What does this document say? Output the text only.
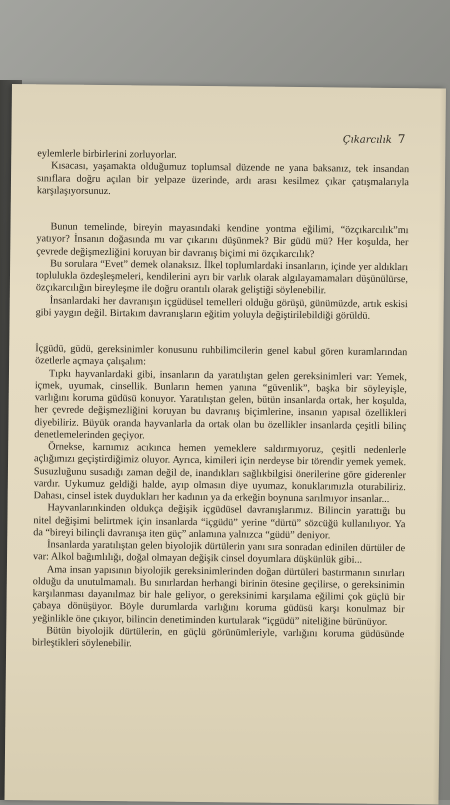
Çıkarcılık 7

eylemlerle birbirlerini zorluyorlar.

Kısacası, yaşamakta olduğumuz toplumsal düzende ne yana baksanız, tek insandan sınıflara doğru açılan bir yelpaze üzerinde, ardı arası kesilmez çıkar çatışmalarıyla karşılaşıyorsunuz.

Bunun temelinde, bireyin mayasındaki kendine yontma eğilimi, “özçıkarcılık”mı yatıyor? İnsanın doğasında mı var çıkarını düşünmek? Bir güdü mü? Her koşulda, her çevrede değişmezliğini koruyan bir davranış biçimi mi özçıkarcılık?

Bu sorulara “Evet” demek olanaksız. İlkel toplumlardaki insanların, içinde yer aldıkları toplulukla özdeşleşmeleri, kendilerini ayrı bir varlık olarak algılayamamaları düşünülürse, özçıkarcılığın bireyleşme ile doğru orantılı olarak geliştiği söylenebilir.

İnsanlardaki her davranışın içgüdüsel temelleri olduğu görüşü, günümüzde, artık eskisi gibi yaygın değil. Birtakım davranışların eğitim yoluyla değiştirilebildiği görüldü.

İçgüdü, güdü, gereksinimler konusunu ruhbilimcilerin genel kabul gören kuramlarından özetlerle açmaya çalışalım:

Tıpkı hayvanlardaki gibi, insanların da yaratılıştan gelen gereksinimleri var: Yemek, içmek, uyumak, cinsellik. Bunların hemen yanına “güvenlik”, başka bir söyleyişle, varlığını koruma güdüsü konuyor. Yaratılıştan gelen, bütün insanlarda ortak, her koşulda, her çevrede değişmezliğini koruyan bu davranış biçimlerine, insanın yapısal özellikleri diyebiliriz. Büyük oranda hayvanlarla da ortak olan bu özellikler insanlarda çeşitli bilinç denetlemelerinden geçiyor.

Örnekse, karnımız acıkınca hemen yemeklere saldırmıyoruz, çeşitli nedenlerle açlığımızı geçiştirdiğimiz oluyor. Ayrıca, kimileri için nerdeyse bir törendir yemek yemek. Susuzluğunu susadığı zaman değil de, inandıkları sağlıkbilgisi önerilerine göre giderenler vardır. Uykumuz geldiği halde, ayıp olmasın diye uyumaz, konuklarımızla oturabiliriz. Dahası, cinsel istek duydukları her kadının ya da erkeğin boynuna sarılmıyor insanlar...

Hayvanlarınkinden oldukça değişik içgüdüsel davranışlarımız. Bilincin yarattığı bu nitel değişimi belirtmek için insanlarda “içgüdü” yerine “dürtü” sözcüğü kullanılıyor. Ya da “bireyi bilinçli davranışa iten güç” anlamına yalnızca “güdü” deniyor.

İnsanlarda yaratılıştan gelen biyolojik dürtülerin yanı sıra sonradan edinilen dürtüler de var: Alkol bağımlılığı, doğal olmayan değişik cinsel doyumlara düşkünlük gibi...

Ama insan yapısının biyolojik gereksinimlerinden doğan dürtüleri bastırmanın sınırları olduğu da unutulmamalı. Bu sınırlardan herhangi birinin ötesine geçilirse, o gereksinimin karşılanması dayanılmaz bir hale geliyor, o gereksinimi karşılama eğilimi çok güçlü bir çabaya dönüşüyor. Böyle durumlarda varlığını koruma güdüsü karşı konulmaz bir yeğinlikle öne çıkıyor, bilincin denetiminden kurtularak “içgüdü” niteliğine bürünüyor.

Bütün biyolojik dürtülerin, en güçlü görünümleriyle, varlığını koruma güdüsünde birleştikleri söylenebilir.
